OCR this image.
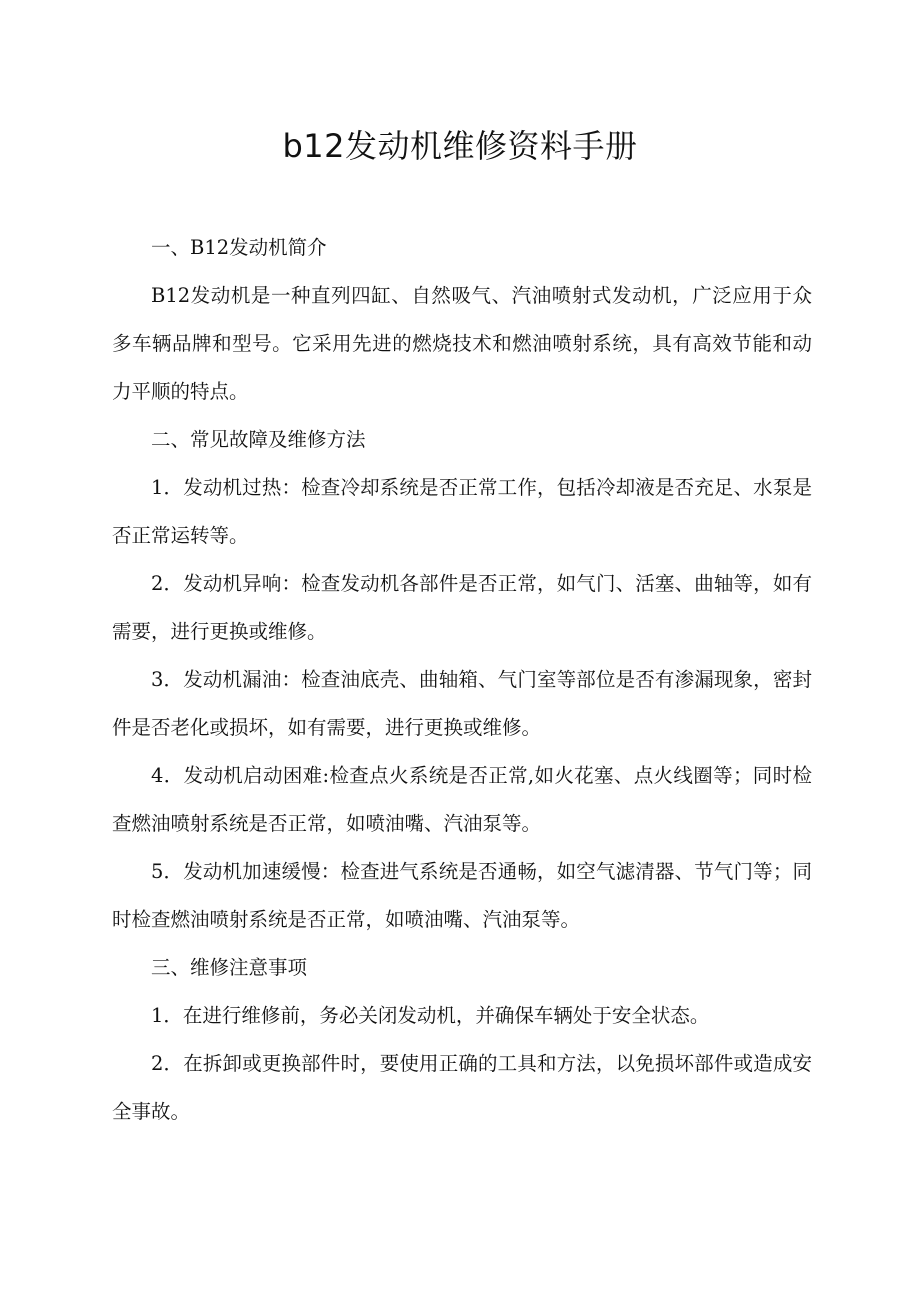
b12发动机维修资料手册

一、B12发动机简介

B12发动机是一种直列四缸、自然吸气、汽油喷射式发动机，广泛应用于众多车辆品牌和型号。它采用先进的燃烧技术和燃油喷射系统，具有高效节能和动力平顺的特点。

二、常见故障及维修方法

1．发动机过热：检查冷却系统是否正常工作，包括冷却液是否充足、水泵是否正常运转等。

2．发动机异响：检查发动机各部件是否正常，如气门、活塞、曲轴等，如有需要，进行更换或维修。

3．发动机漏油：检查油底壳、曲轴箱、气门室等部位是否有渗漏现象，密封件是否老化或损坏，如有需要，进行更换或维修。

4．发动机启动困难:检查点火系统是否正常,如火花塞、点火线圈等；同时检查燃油喷射系统是否正常，如喷油嘴、汽油泵等。

5．发动机加速缓慢：检查进气系统是否通畅，如空气滤清器、节气门等；同时检查燃油喷射系统是否正常，如喷油嘴、汽油泵等。

三、维修注意事项

1．在进行维修前，务必关闭发动机，并确保车辆处于安全状态。

2．在拆卸或更换部件时，要使用正确的工具和方法，以免损坏部件或造成安全事故。
